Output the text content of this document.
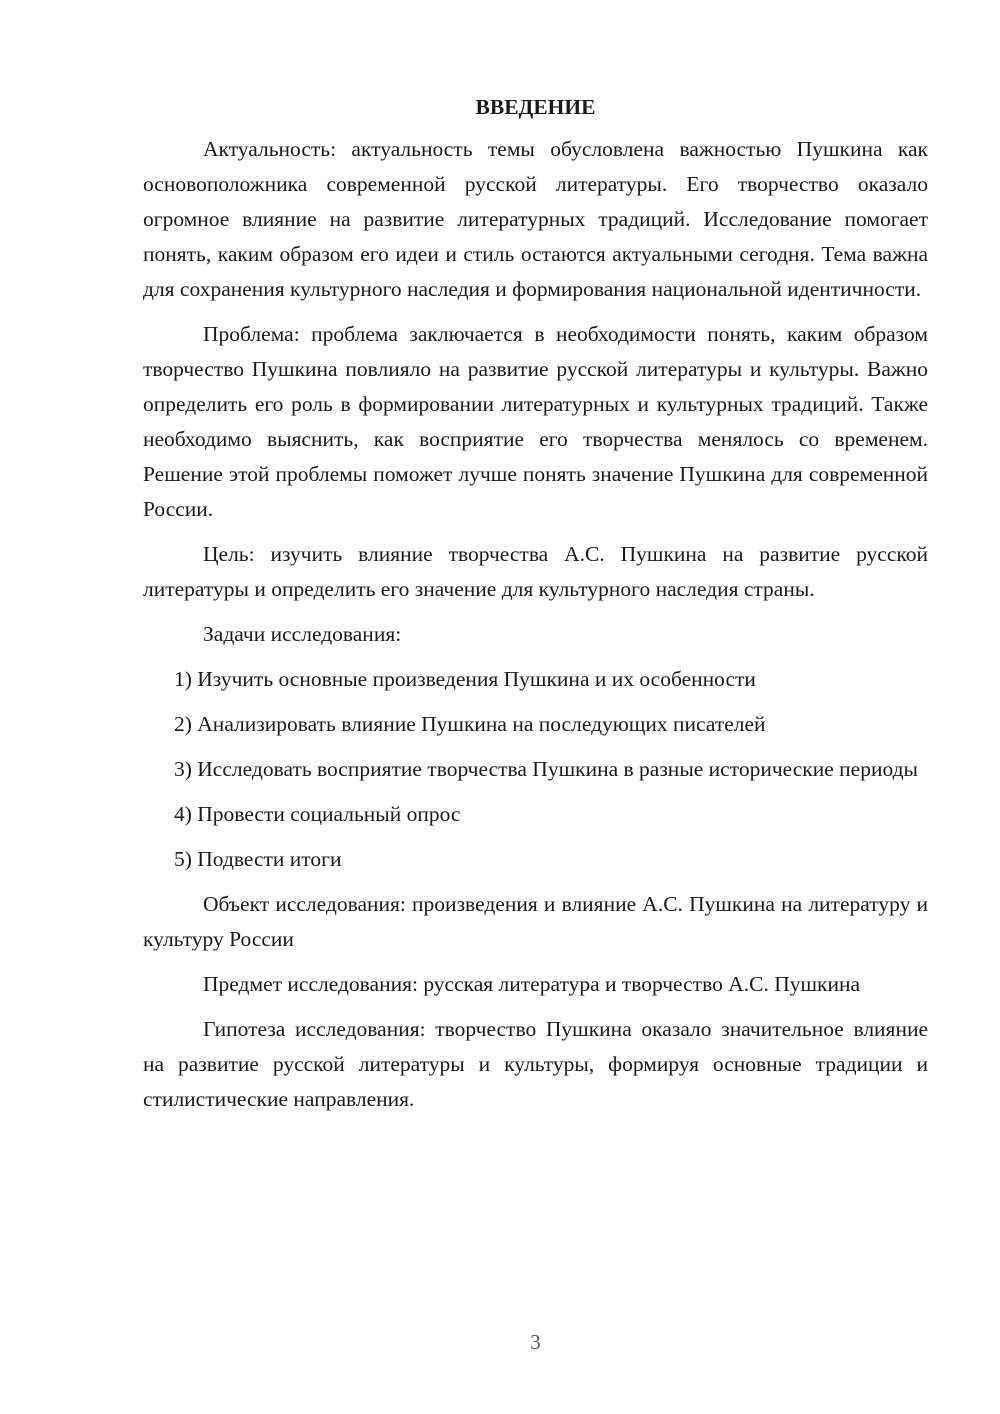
ВВЕДЕНИЕ

Актуальность: актуальность темы обусловлена важностью Пушкина как основоположника современной русской литературы. Его творчество оказало огромное влияние на развитие литературных традиций. Исследование помогает понять, каким образом его идеи и стиль остаются актуальными сегодня. Тема важна для сохранения культурного наследия и формирования национальной идентичности.

Проблема: проблема заключается в необходимости понять, каким образом творчество Пушкина повлияло на развитие русской литературы и культуры. Важно определить его роль в формировании литературных и культурных традиций. Также необходимо выяснить, как восприятие его творчества менялось со временем. Решение этой проблемы поможет лучше понять значение Пушкина для современной России.

Цель: изучить влияние творчества А.С. Пушкина на развитие русской литературы и определить его значение для культурного наследия страны.

Задачи исследования:

1) Изучить основные произведения Пушкина и их особенности

2) Анализировать влияние Пушкина на последующих писателей

3) Исследовать восприятие творчества Пушкина в разные исторические периоды

4) Провести социальный опрос

5) Подвести итоги

Объект исследования: произведения и влияние А.С. Пушкина на литературу и культуру России

Предмет исследования: русская литература и творчество А.С. Пушкина

Гипотеза исследования: творчество Пушкина оказало значительное влияние на развитие русской литературы и культуры, формируя основные традиции и стилистические направления.

3
